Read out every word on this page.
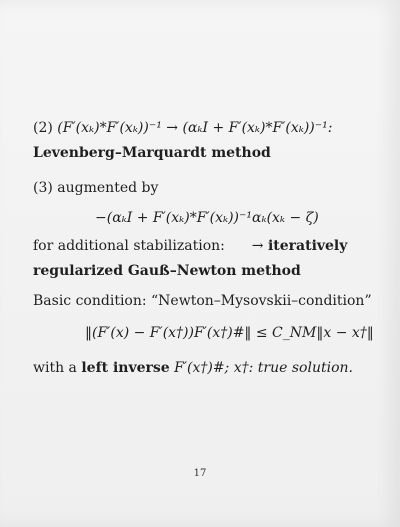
(2) (F′(xₖ)*F′(xₖ))⁻¹ → (αₖI + F′(xₖ)*F′(xₖ))⁻¹:
Levenberg–Marquardt method
(3) augmented by
−(αₖI + F′(xₖ)*F′(xₖ))⁻¹αₖ(xₖ − ζ)
for additional stabilization: → iteratively
regularized Gauß–Newton method
Basic condition: “Newton–Mysovskii–condition”
‖(F′(x) − F′(x†))F′(x†)#‖ ≤ C_NM‖x − x†‖
with a left inverse F′(x†)#; x†: true solution.
17
